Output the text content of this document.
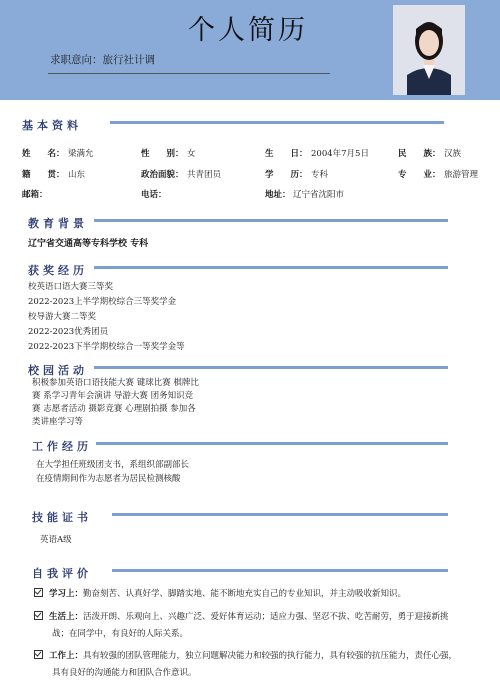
个人简历
求职意向：旅行社计调
基本资料
姓　　名： 梁满允	性　　别： 女	生　　日： 2004年7月5日	民　　族： 汉族
籍　　贯： 山东	政治面貌： 共青团员	学　　历： 专科	专　　业： 旅游管理
邮箱：	电话：	地址： 辽宁省沈阳市
教育背景
辽宁省交通高等专科学校 专科
获奖经历
校英语口语大赛三等奖
2022-2023上半学期校综合三等奖学金
校导游大赛二等奖
2022-2023优秀团员
2022-2023下半学期校综合一等奖学金等
校园活动
积极参加英语口语技能大赛 键球比赛 棋牌比
赛 系学习青年会演讲 导游大赛 团务知识竞
赛 志愿者活动 摄影竞赛 心理剧拍摄 参加各
类讲座学习等
工作经历
在大学担任班级团支书，系组织部副部长
在疫情期间作为志愿者为居民检测核酸
技能证书
英语A级
自我评价
学习上：勤奋刻苦、认真好学、脚踏实地、能不断地充实自己的专业知识，并主动吸收新知识。
生活上：活泼开朗、乐观向上、兴趣广泛、爱好体育运动；适应力强、坚忍不拔、吃苦耐劳，勇于迎接新挑
战；在同学中，有良好的人际关系。
工作上：具有较强的团队管理能力，独立问题解决能力和较强的执行能力，具有较强的抗压能力，责任心强，
具有良好的沟通能力和团队合作意识。
